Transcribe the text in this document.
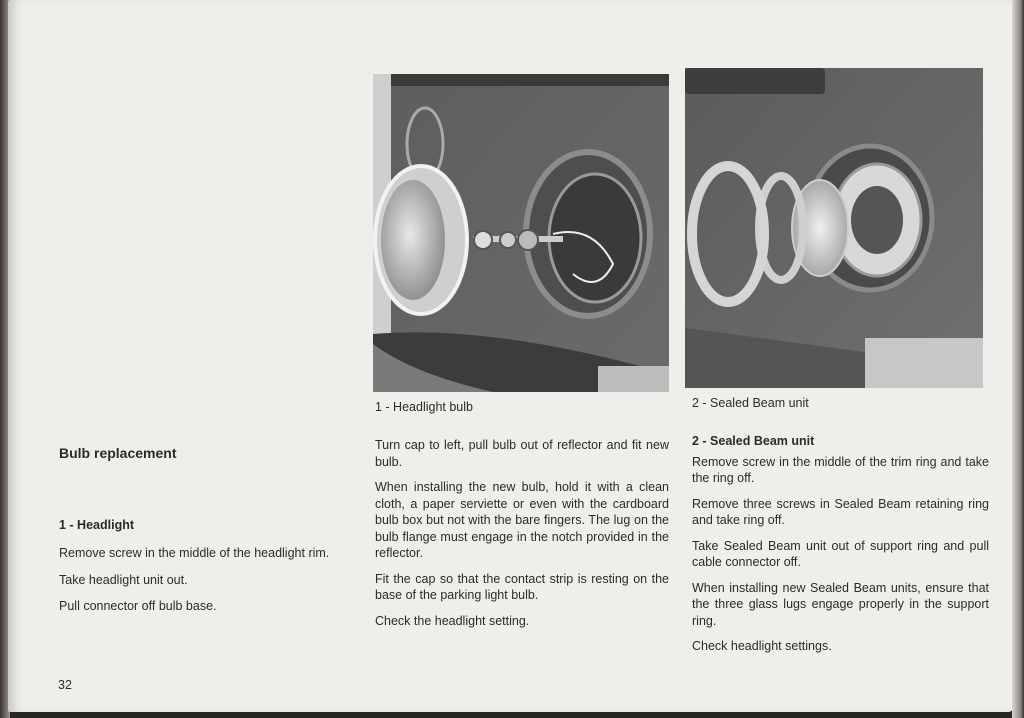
1 - Headlight bulb	2 - Sealed Beam unit
Bulb replacement
1 - Headlight

Remove screw in the middle of the headlight rim.

Take headlight unit out.

Pull connector off bulb base.

Turn cap to left, pull bulb out of reflector and fit new bulb.

When installing the new bulb, hold it with a clean cloth, a paper serviette or even with the cardboard bulb box but not with the bare fingers. The lug on the bulb flange must engage in the notch provided in the reflector.

Fit the cap so that the contact strip is resting on the base of the parking light bulb.

Check the headlight setting.

2 - Sealed Beam unit

Remove screw in the middle of the trim ring and take the ring off.

Remove three screws in Sealed Beam retaining ring and take ring off.

Take Sealed Beam unit out of support ring and pull cable connector off.

When installing new Sealed Beam units, ensure that the three glass lugs engage properly in the support ring.

Check headlight settings.

32
